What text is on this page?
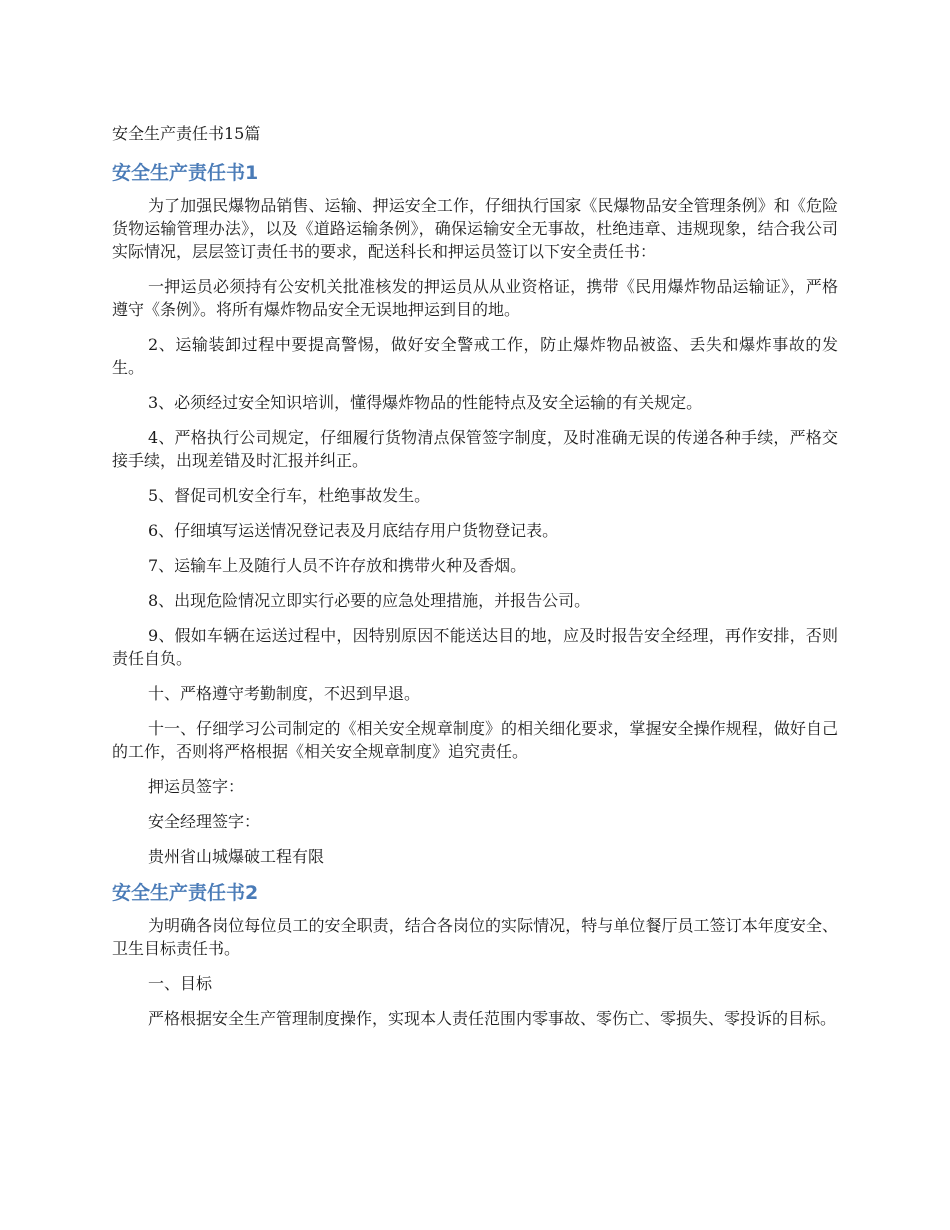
安全生产责任书15篇
安全生产责任书1

为了加强民爆物品销售、运输、押运安全工作，仔细执行国家《民爆物品安全管理条例》和《危险货物运输管理办法》，以及《道路运输条例》，确保运输安全无事故，杜绝违章、违规现象，结合我公司实际情况，层层签订责任书的要求，配送科长和押运员签订以下安全责任书：

一押运员必须持有公安机关批准核发的押运员从从业资格证，携带《民用爆炸物品运输证》，严格遵守《条例》。将所有爆炸物品安全无误地押运到目的地。

2、运输装卸过程中要提高警惕，做好安全警戒工作，防止爆炸物品被盗、丢失和爆炸事故的发生。

3、必须经过安全知识培训，懂得爆炸物品的性能特点及安全运输的有关规定。

4、严格执行公司规定，仔细履行货物清点保管签字制度，及时准确无误的传递各种手续，严格交接手续，出现差错及时汇报并纠正。

5、督促司机安全行车，杜绝事故发生。

6、仔细填写运送情况登记表及月底结存用户货物登记表。

7、运输车上及随行人员不许存放和携带火种及香烟。

8、出现危险情况立即实行必要的应急处理措施，并报告公司。

9、假如车辆在运送过程中，因特别原因不能送达目的地，应及时报告安全经理，再作安排，否则责任自负。

十、严格遵守考勤制度，不迟到早退。

十一、仔细学习公司制定的《相关安全规章制度》的相关细化要求，掌握安全操作规程，做好自己的工作，否则将严格根据《相关安全规章制度》追究责任。

押运员签字：

安全经理签字：

贵州省山城爆破工程有限

安全生产责任书2

为明确各岗位每位员工的安全职责，结合各岗位的实际情况，特与单位餐厅员工签订本年度安全、卫生目标责任书。

一、目标

严格根据安全生产管理制度操作，实现本人责任范围内零事故、零伤亡、零损失、零投诉的目标。
